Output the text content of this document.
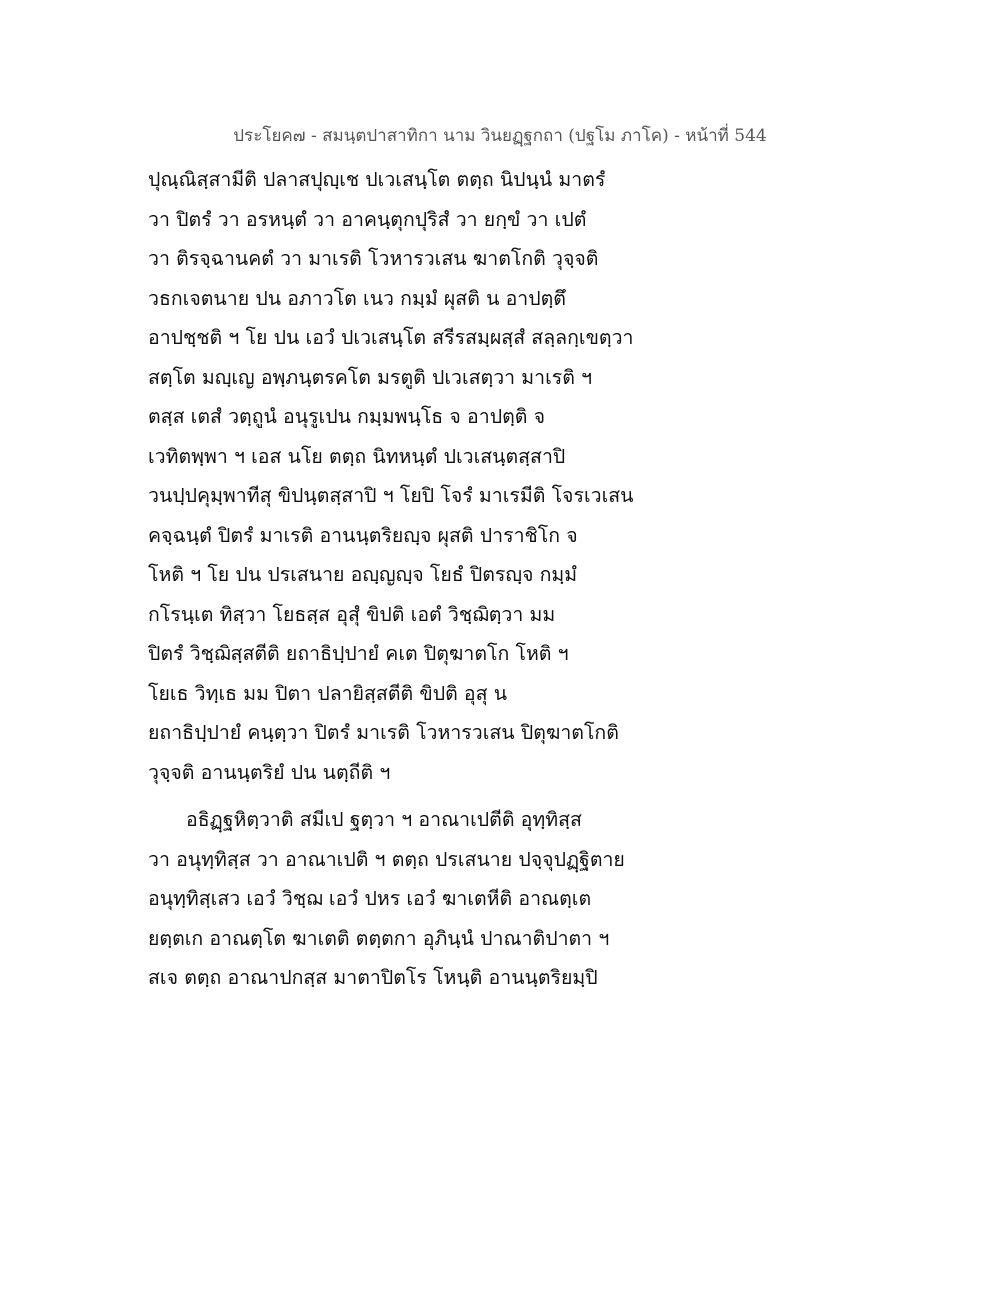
ประโยค๗ - สมนฺตปาสาทิกา นาม วินยฏฺฐกถา (ปฐโม ภาโค) - หน้าที่ 544
ปุณฺณิสฺสามีติ ปลาสปุญฺเช ปเวเสนฺโต ตตฺถ นิปนฺนํ มาตรํ
วา ปิตรํ วา อรหนฺตํ วา อาคนฺตุกปุริสํ วา ยกฺขํ วา เปตํ
วา ติรจฺฉานคตํ วา มาเรติ โวหารวเสน ฆาตโกติ วุจฺจติ
วธกเจตนาย ปน อภาวโต เนว กมฺมํ ผุสติ น อาปตฺตึ
อาปชฺชติ ฯ โย ปน เอวํ ปเวเสนฺโต สรีรสมฺผสฺสํ สลฺลกฺเขตฺวา
สตฺโต มญฺเญ อพฺภนฺตรคโต มรตูติ ปเวเสตฺวา มาเรติ ฯ
ตสฺส เตสํ วตฺถูนํ อนุรูเปน กมฺมพนฺโธ จ อาปตฺติ จ
เวทิตพฺพา ฯ เอส นโย ตตฺถ นิทหนฺตํ ปเวเสนฺตสฺสาปิ
วนปฺปคุมฺพาทีสุ ขิปนฺตสฺสาปิ ฯ โยปิ โจรํ มาเรมีติ โจรเวเสน
คจฺฉนฺตํ ปิตรํ มาเรติ อานนฺตริยญฺจ ผุสติ ปาราชิโก จ
โหติ ฯ โย ปน ปรเสนาย อญฺญญฺจ โยธํ ปิตรญฺจ กมฺมํ
กโรนฺเต ทิสฺวา โยธสฺส อุสุํ ขิปติ เอตํ วิชฺฌิตฺวา มม
ปิตรํ วิชฺฌิสฺสตีติ ยถาธิปฺปายํ คเต ปิตุฆาตโก โหติ ฯ
โยเธ วิทฺเธ มม ปิตา ปลายิสฺสตีติ ขิปติ อุสุ น
ยถาธิปฺปายํ คนฺตฺวา ปิตรํ มาเรติ โวหารวเสน ปิตุฆาตโกติ
วุจฺจติ อานนฺตริยํ ปน นตฺถีติ ฯ
อธิฏฺฐหิตฺวาติ สมีเป ฐตฺวา ฯ อาณาเปตีติ อุทฺทิสฺส
วา อนุทฺทิสฺส วา อาณาเปติ ฯ ตตฺถ ปรเสนาย ปจฺจุปฏฺฐิตาย
อนุทฺทิสฺเสว เอวํ วิชฺฌ เอวํ ปหร เอวํ ฆาเตหีติ อาณตฺเต
ยตฺตเก อาณตฺโต ฆาเตติ ตตฺตกา อุภินฺนํ ปาณาติปาตา ฯ
สเจ ตตฺถ อาณาปกสฺส มาตาปิตโร โหนฺติ อานนฺตริยมฺปิ
